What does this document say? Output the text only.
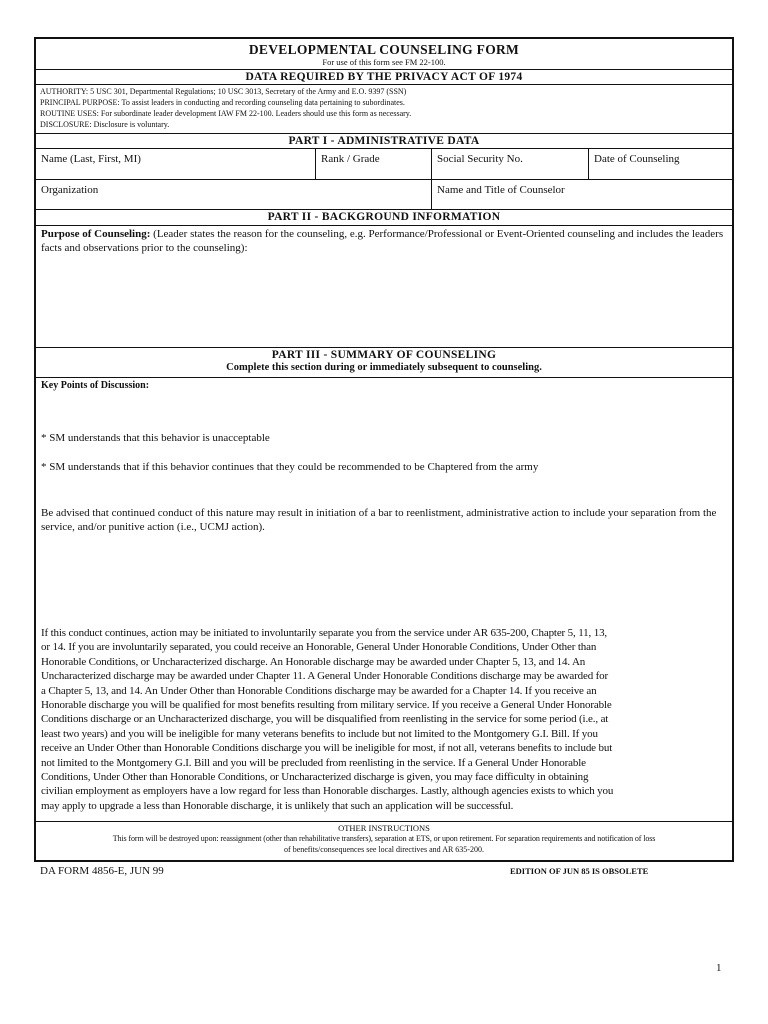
DEVELOPMENTAL COUNSELING FORM
For use of this form see FM 22-100.
DATA REQUIRED BY THE PRIVACY ACT OF 1974
AUTHORITY: 5 USC 301, Departmental Regulations; 10 USC 3013, Secretary of the Army and E.O. 9397 (SSN)
PRINCIPAL PURPOSE: To assist leaders in conducting and recording counseling data pertaining to subordinates.
ROUTINE USES: For subordinate leader development IAW FM 22-100. Leaders should use this form as necessary.
DISCLOSURE: Disclosure is voluntary.
PART I - ADMINISTRATIVE DATA
Name (Last, First, MI)	Rank / Grade	Social Security No.	Date of Counseling
Organization	Name and Title of Counselor
PART II - BACKGROUND INFORMATION
Purpose of Counseling: (Leader states the reason for the counseling, e.g. Performance/Professional or Event-Oriented counseling and includes the leaders facts and observations prior to the counseling):
PART III - SUMMARY OF COUNSELING
Complete this section during or immediately subsequent to counseling.
Key Points of Discussion:
* SM understands that this behavior is unacceptable
* SM understands that if this behavior continues that they could be recommended to be Chaptered from the army
Be advised that continued conduct of this nature may result in initiation of a bar to reenlistment, administrative action to include your separation from the service, and/or punitive action (i.e., UCMJ action).
If this conduct continues, action may be initiated to involuntarily separate you from the service under AR 635-200, Chapter 5, 11, 13,
or 14. If you are involuntarily separated, you could receive an Honorable, General Under Honorable Conditions, Under Other than
Honorable Conditions, or Uncharacterized discharge. An Honorable discharge may be awarded under Chapter 5, 13, and 14. An
Uncharacterized discharge may be awarded under Chapter 11. A General Under Honorable Conditions discharge may be awarded for
a Chapter 5, 13, and 14. An Under Other than Honorable Conditions discharge may be awarded for a Chapter 14. If you receive an
Honorable discharge you will be qualified for most benefits resulting from military service. If you receive a General Under Honorable
Conditions discharge or an Uncharacterized discharge, you will be disqualified from reenlisting in the service for some period (i.e., at
least two years) and you will be ineligible for many veterans benefits to include but not limited to the Montgomery G.I. Bill. If you
receive an Under Other than Honorable Conditions discharge you will be ineligible for most, if not all, veterans benefits to include but
not limited to the Montgomery G.I. Bill and you will be precluded from reenlisting in the service. If a General Under Honorable
Conditions, Under Other than Honorable Conditions, or Uncharacterized discharge is given, you may face difficulty in obtaining
civilian employment as employers have a low regard for less than Honorable discharges. Lastly, although agencies exists to which you
may apply to upgrade a less than Honorable discharge, it is unlikely that such an application will be successful.
OTHER INSTRUCTIONS
This form will be destroyed upon: reassignment (other than rehabilitative transfers), separation at ETS, or upon retirement. For separation requirements and notification of loss
of benefits/consequences see local directives and AR 635-200.
DA FORM 4856-E, JUN 99	EDITION OF JUN 85 IS OBSOLETE
1
